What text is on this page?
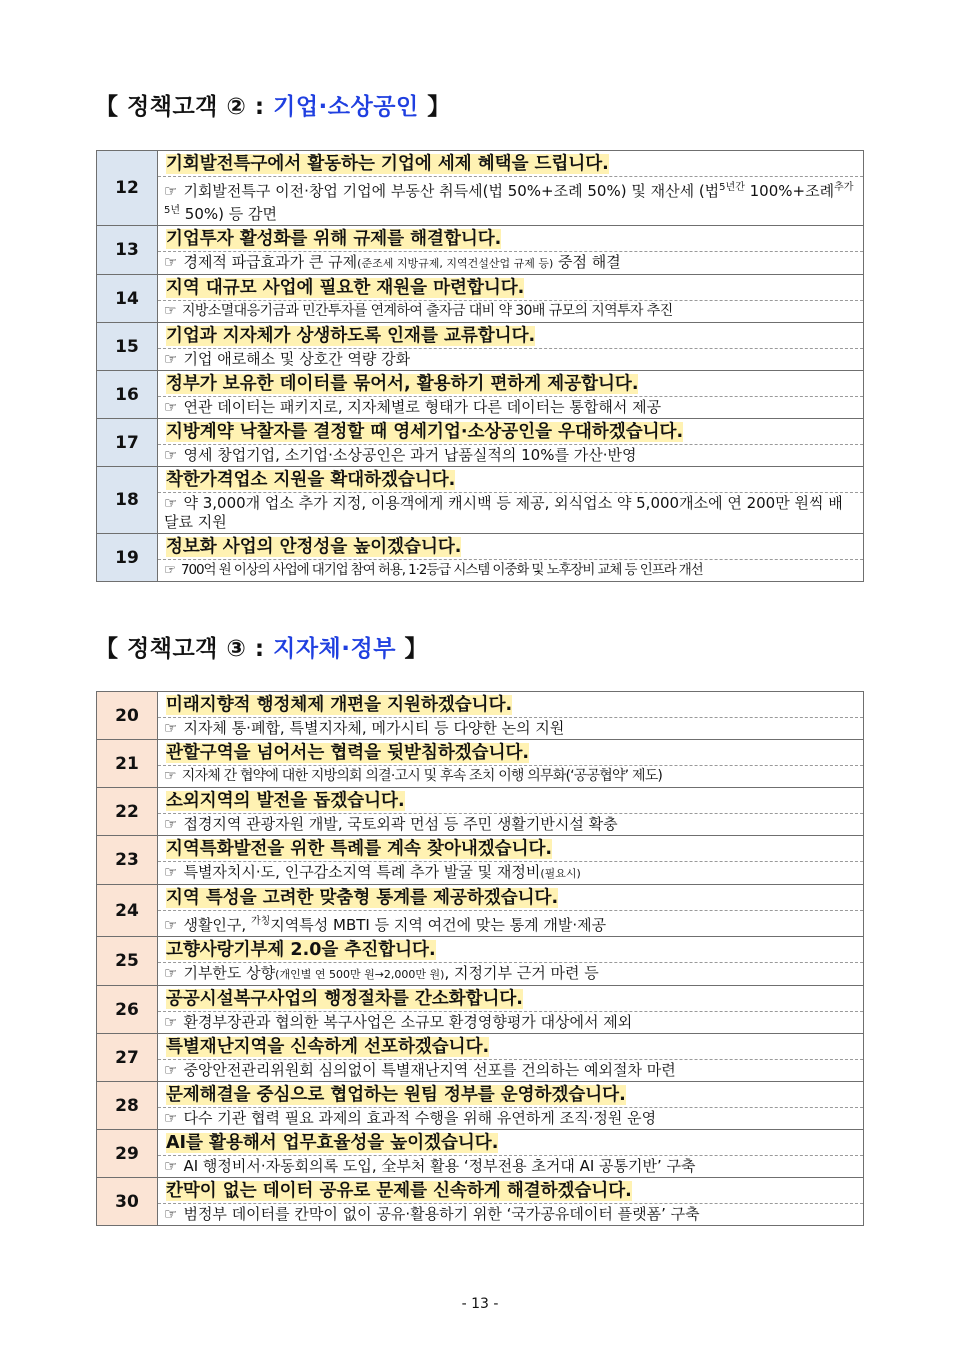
【 정책고객 ② : 기업·소상공인 】
12	기회발전특구에서 활동하는 기업에 세제 혜택을 드립니다.
☞ 기회발전특구 이전·창업 기업에 부동산 취득세(법 50%+조례 50%) 및 재산세 (법$^{5년간}$ 100%+조례$^{추가5년}$ 50%) 등 감면

13	기업투자 활성화를 위해 규제를 해결합니다.
☞ 경제적 파급효과가 큰 규제(준조세 지방규제, 지역건설산업 규제 등) 중점 해결

14	지역 대규모 사업에 필요한 재원을 마련합니다.
☞ 지방소멸대응기금과 민간투자를 연계하여 출자금 대비 약 30배 규모의 지역투자 추진

15	기업과 지자체가 상생하도록 인재를 교류합니다.
☞ 기업 애로해소 및 상호간 역량 강화

16	정부가 보유한 데이터를 묶어서, 활용하기 편하게 제공합니다.
☞ 연관 데이터는 패키지로, 지자체별로 형태가 다른 데이터는 통합해서 제공

17	지방계약 낙찰자를 결정할 때 영세기업·소상공인을 우대하겠습니다.
☞ 영세 창업기업, 소기업·소상공인은 과거 납품실적의 10%를 가산·반영

18	착한가격업소 지원을 확대하겠습니다.
☞ 약 3,000개 업소 추가 지정, 이용객에게 캐시백 등 제공, 외식업소 약 5,000개소에 연 200만 원씩 배달료 지원

19	정보화 사업의 안정성을 높이겠습니다.
☞ 700억 원 이상의 사업에 대기업 참여 허용, 1·2등급 시스템 이중화 및 노후장비 교체 등 인프라 개선
【 정책고객 ③ : 지자체·정부 】
20	미래지향적 행정체제 개편을 지원하겠습니다.
☞ 지자체 통·폐합, 특별지자체, 메가시티 등 다양한 논의 지원

21	관할구역을 넘어서는 협력을 뒷받침하겠습니다.
☞ 지자체 간 협약에 대한 지방의회 의결·고시 및 후속 조치 이행 의무화(‘공공협약’ 제도)

22	소외지역의 발전을 돕겠습니다.
☞ 접경지역 관광자원 개발, 국토외곽 먼섬 등 주민 생활기반시설 확충

23	지역특화발전을 위한 특례를 계속 찾아내겠습니다.
☞ 특별자치시·도, 인구감소지역 특례 추가 발굴 및 재정비(필요시)

24	지역 특성을 고려한 맞춤형 통계를 제공하겠습니다.
☞ 생활인구, $^{가칭}$지역특성 MBTI 등 지역 여건에 맞는 통계 개발·제공

25	고향사랑기부제 2.0을 추진합니다.
☞ 기부한도 상향(개인별 연 500만 원→2,000만 원), 지정기부 근거 마련 등

26	공공시설복구사업의 행정절차를 간소화합니다.
☞ 환경부장관과 협의한 복구사업은 소규모 환경영향평가 대상에서 제외

27	특별재난지역을 신속하게 선포하겠습니다.
☞ 중앙안전관리위원회 심의없이 특별재난지역 선포를 건의하는 예외절차 마련

28	문제해결을 중심으로 협업하는 원팀 정부를 운영하겠습니다.
☞ 다수 기관 협력 필요 과제의 효과적 수행을 위해 유연하게 조직·정원 운영

29	AI를 활용해서 업무효율성을 높이겠습니다.
☞ AI 행정비서·자동회의록 도입, 全부처 활용 ‘정부전용 초거대 AI 공통기반’ 구축

30	칸막이 없는 데이터 공유로 문제를 신속하게 해결하겠습니다.
☞ 범정부 데이터를 칸막이 없이 공유·활용하기 위한 ‘국가공유데이터 플랫폼’ 구축
- 13 -
